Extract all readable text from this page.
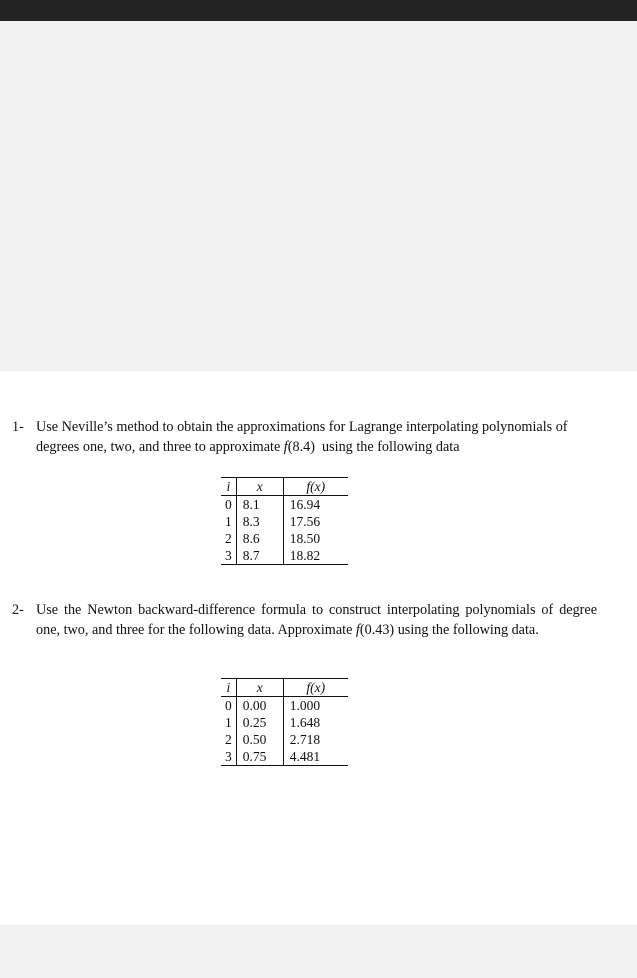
1- Use Neville’s method to obtain the approximations for Lagrange interpolating polynomials of degrees one, two, and three to approximate f(8.4)  using the following data
i	x	f(x)
0	8.1	16.94
1	8.3	17.56
2	8.6	18.50
3	8.7	18.82
2- Use the Newton backward-difference formula to construct interpolating polynomials of degree one, two, and three for the following data. Approximate f(0.43) using the following data.
i	x	f(x)
0	0.00	1.000
1	0.25	1.648
2	0.50	2.718
3	0.75	4.481
